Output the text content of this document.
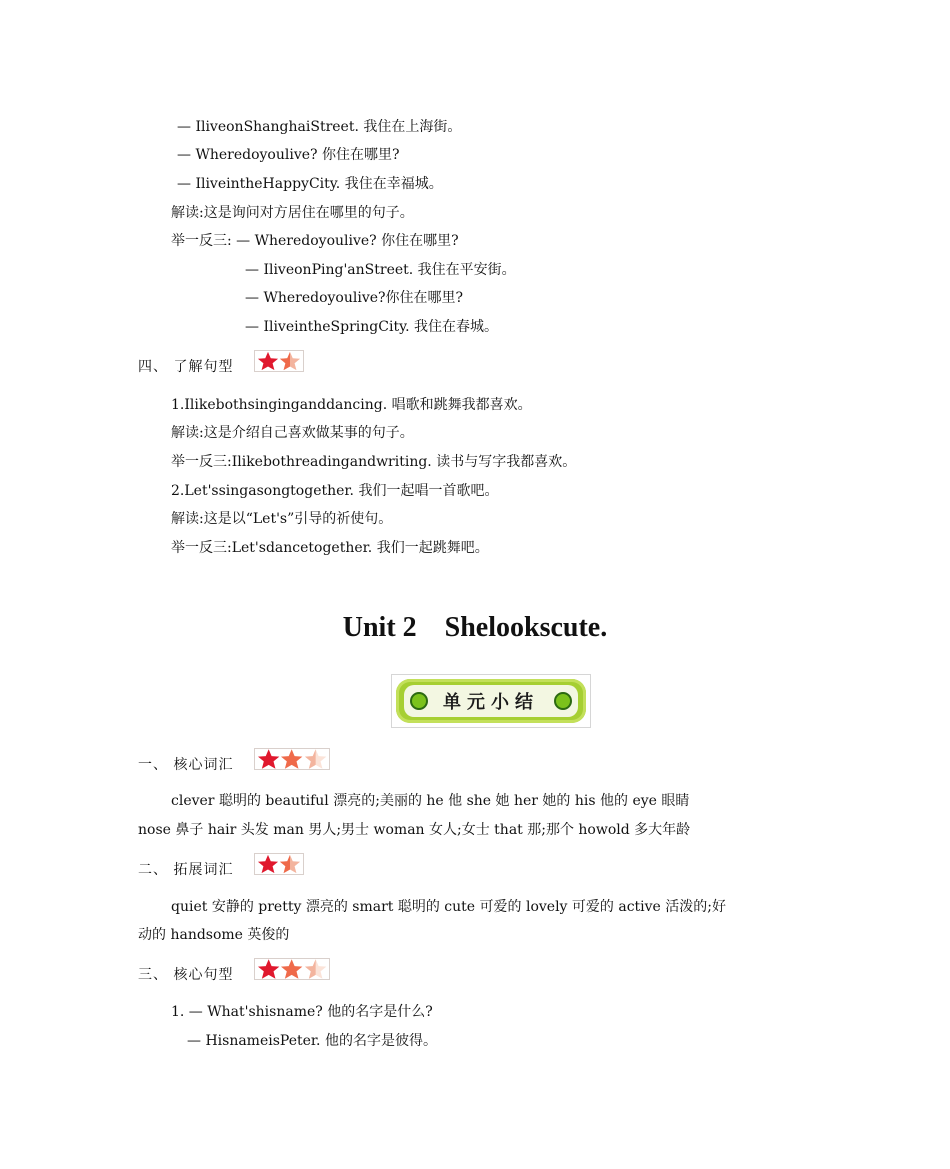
— IliveonShanghaiStreet. 我住在上海街。
— Wheredoyoulive? 你住在哪里?
— IliveintheHappyCity. 我住在幸福城。
解读:这是询问对方居住在哪里的句子。
举一反三: — Wheredoyoulive? 你住在哪里?
— IliveonPing'anStreet. 我住在平安街。
— Wheredoyoulive?你住在哪里?
— IliveintheSpringCity. 我住在春城。
四、 了解句型
1.Ilikebothsinginganddancing. 唱歌和跳舞我都喜欢。
解读:这是介绍自己喜欢做某事的句子。
举一反三:Ilikebothreadingandwriting. 读书与写字我都喜欢。
2.Let'ssingasongtogether. 我们一起唱一首歌吧。
解读:这是以“Let's”引导的祈使句。
举一反三:Let'sdancetogether. 我们一起跳舞吧。
Unit 2    Shelookscute.
单元小结
一、 核心词汇
clever 聪明的 beautiful 漂亮的;美丽的 he 他 she 她 her 她的 his 他的 eye 眼睛
nose 鼻子 hair 头发 man 男人;男士 woman 女人;女士 that 那;那个 howold 多大年龄
二、 拓展词汇
quiet 安静的 pretty 漂亮的 smart 聪明的 cute 可爱的 lovely 可爱的 active 活泼的;好
动的 handsome 英俊的
三、 核心句型
1. — What'shisname? 他的名字是什么?
— HisnameisPeter. 他的名字是彼得。
